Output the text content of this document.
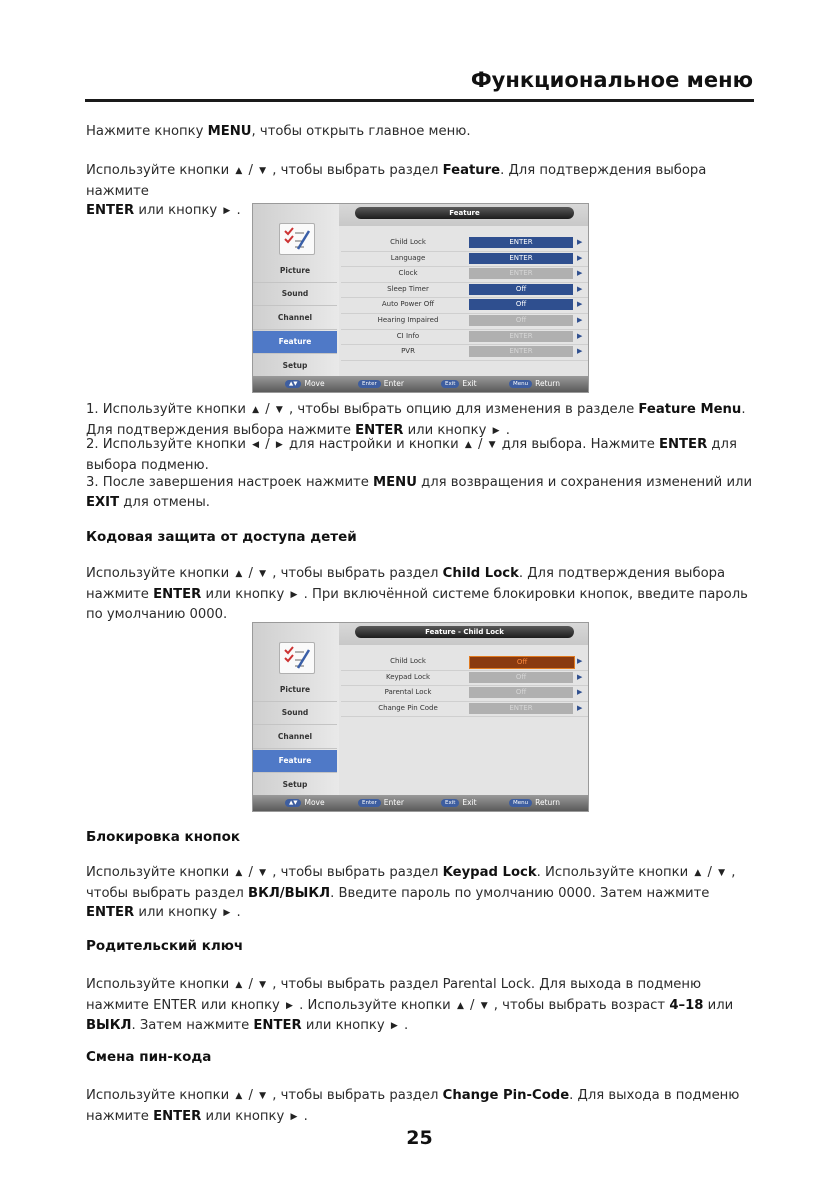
Функциональное меню
Нажмите кнопку MENU, чтобы открыть главное меню.
Используйте кнопки ▲ / ▼ , чтобы выбрать раздел Feature. Для подтверждения выбора нажмите
ENTER или кнопку ▶ .	Feature
Picture
Sound
Channel
Feature
Setup
Child Lock	ENTER	▶
Language	ENTER	▶
Clock	ENTER	▶
Sleep Timer	Off	▶
Auto Power Off	Off	▶
Hearing Impaired	Off	▶
CI Info	ENTER	▶
PVR	ENTER	▶
▲▼ Move	Enter Enter	Exit Exit	Menu Return
1. Используйте кнопки ▲ / ▼ , чтобы выбрать опцию для изменения в разделе Feature Menu. Для подтверждения выбора нажмите ENTER или кнопку ▶ .
2. Используйте кнопки ◀ / ▶ для настройки и кнопки ▲ / ▼ для выбора. Нажмите ENTER для выбора подменю.
3. После завершения настроек нажмите MENU для возвращения и сохранения изменений или EXIT для отмены.
Кодовая защита от доступа детей
Используйте кнопки ▲ / ▼ , чтобы выбрать раздел Child Lock. Для подтверждения выбора нажмите ENTER или кнопку ▶ . При включённой системе блокировки кнопок, введите пароль по умолчанию 0000.
Feature - Child Lock
Picture
Sound
Channel
Feature
Setup
Child Lock	Off	▶
Keypad Lock	Off	▶
Parental Lock	Off	▶
Change Pin Code	ENTER	▶
▲▼ Move	Enter Enter	Exit Exit	Menu Return
Блокировка кнопок
Используйте кнопки ▲ / ▼ , чтобы выбрать раздел Keypad Lock. Используйте кнопки ▲ / ▼ , чтобы выбрать раздел ВКЛ/ВЫКЛ. Введите пароль по умолчанию 0000. Затем нажмите ENTER или кнопку ▶ .
Родительский ключ
Используйте кнопки ▲ / ▼ , чтобы выбрать раздел Parental Lock. Для выхода в подменю нажмите ENTER или кнопку ▶ . Используйте кнопки ▲ / ▼ , чтобы выбрать возраст 4–18 или ВЫКЛ. Затем нажмите ENTER или кнопку ▶ .
Смена пин-кода
Используйте кнопки ▲ / ▼ , чтобы выбрать раздел Change Pin-Code. Для выхода в подменю нажмите ENTER или кнопку ▶ .
25
